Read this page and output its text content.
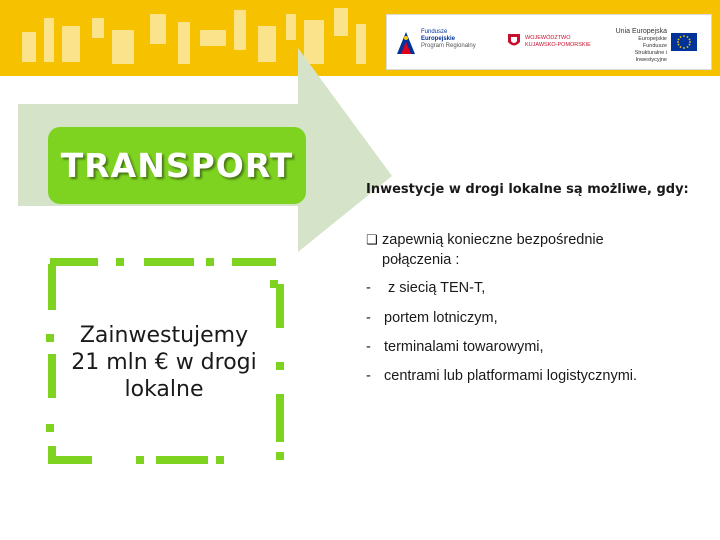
Fundusze
Europejskie
Program Regionalny
WOJEWÓDZTWO
KUJAWSKO-POMORSKIE
Unia Europejska
Europejskie Fundusze
Strukturalne i Inwestycyjne
TRANSPORT
Zainwestujemy 21 mln € w drogi lokalne
Inwestycje w drogi lokalne są możliwe, gdy:
❑ zapewnią konieczne bezpośrednie połączenia :
- z siecią TEN-T,
- portem lotniczym,
- terminalami towarowymi,
- centrami lub platformami logistycznymi.
